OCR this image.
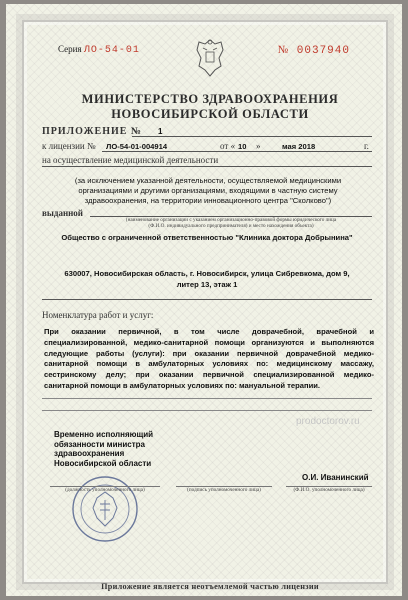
Серия ЛО-54-01	№ 0037940
МИНИСТЕРСТВО ЗДРАВООХРАНЕНИЯ
НОВОСИБИРСКОЙ ОБЛАСТИ
ПРИЛОЖЕНИЕ № 1
к лицензии № ЛО-54-01-004914	от « 10 »	мая 2018	г.
на осуществление медицинской деятельности
(за исключением указанной деятельности, осуществляемой медицинскими организациями и другими организациями, входящими в частную систему здравоохранения, на территории инновационного центра "Сколково")
выданной
(наименование организации с указанием организационно-правовой формы юридического лица
(Ф.И.О. индивидуального предпринимателя) и место нахождения объекта)
Общество с ограниченной ответственностью "Клиника доктора Добрынина"
630007, Новосибирская область, г. Новосибирск, улица Сибревкома, дом 9,
литер 13, этаж 1
Номенклатура работ и услуг:
При оказании первичной, в том числе доврачебной, врачебной и специализированной, медико-санитарной помощи организуются и выполняются следующие работы (услуги): при оказании первичной доврачебной медико-санитарной помощи в амбулаторных условиях по: медицинскому массажу, сестринскому делу; при оказании первичной специализированной медико-санитарной помощи в амбулаторных условиях по: мануальной терапии.
prodoctorov.ru
Временно исполняющий
обязанности министра
здравоохранения
Новосибирской области
(должность уполномоченного лица)	(подпись уполномоченного лица)
О.И. Иванинский
(Ф.И.О. уполномоченного лица)
Приложение является неотъемлемой частью лицензии
